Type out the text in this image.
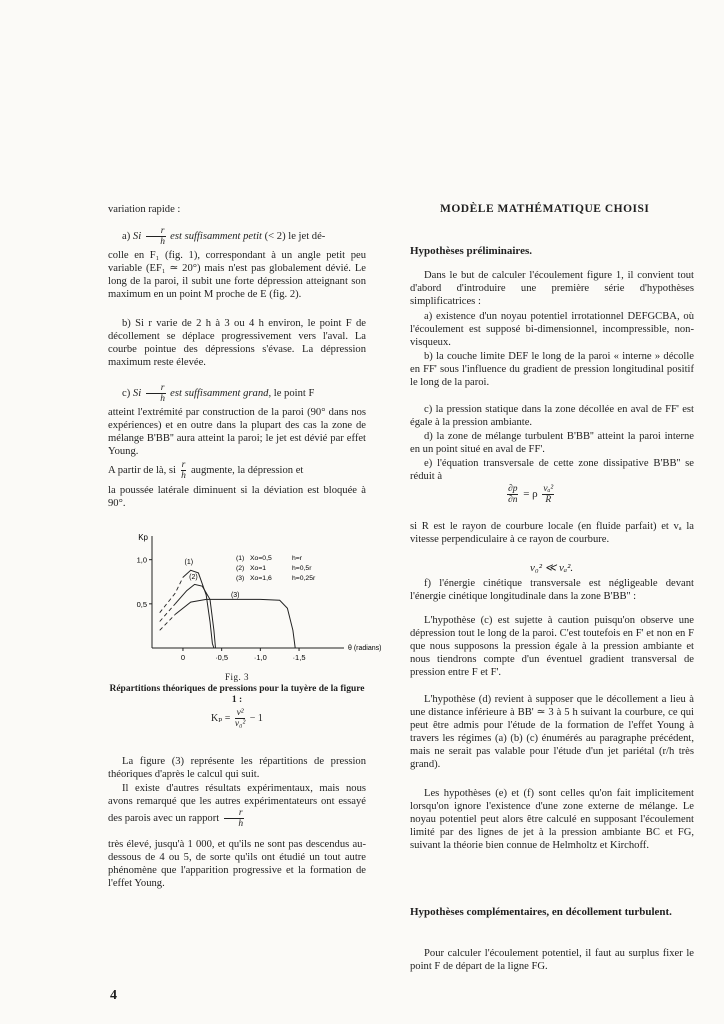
variation rapide :

a) Si $\frac{r}{h}$ est suffisamment petit (< 2) le jet dé-

colle en F₁ (fig. 1), correspondant à un angle petit peu variable (EF₁ ≃ 20°) mais n'est pas globalement dévié. Le long de la paroi, il subit une forte dépression atteignant son maximum en un point M proche de E (fig. 2).

b) Si r varie de 2 h à 3 ou 4 h environ, le point F de décollement se déplace progressivement vers l'aval. La courbe pointue des dépressions s'évase. La dépression maximum reste élevée.

c) Si $\frac{r}{h}$ est suffisamment grand, le point F

atteint l'extrémité par construction de la paroi (90° dans nos expériences) et en outre dans la plupart des cas la zone de mélange B'BB'' aura atteint la paroi; le jet est dévié par effet Young.

A partir de là, si $\frac{r}{h}$ augmente, la dépression et

la poussée latérale diminuent si la déviation est bloquée à 90°.

0,5
1,0
0	·0,5	·1,0	·1,5
Kp
θ (radians)
(1)
(2)
(3)
(1) Xo=0,5	h=r
(2) Xo=1	h=0,5r
(3) Xo=1,6	h=0,25r
Fig. 3
Répartitions théoriques de pressions pour la tuyère de la figure 1 :
$K_p = \frac{\text{v²}}{\text{v₀²}} - 1$

La figure (3) représente les répartitions de pression théoriques d'après le calcul qui suit.

Il existe d'autres résultats expérimentaux, mais nous avons remarqué que les autres expérimentateurs ont essayé des parois avec un rapport $\frac{r}{h}$

très élevé, jusqu'à 1 000, et qu'ils ne sont pas descendus au-dessous de 4 ou 5, de sorte qu'ils ont étudié un tout autre phénomène que l'apparition progressive et la formation de l'effet Young.

4
MODÈLE MATHÉMATIQUE CHOISI

Hypothèses préliminaires.

Dans le but de calculer l'écoulement figure 1, il convient tout d'abord d'introduire une première série d'hypothèses simplificatrices :

a) existence d'un noyau potentiel irrotationnel DEFGCBA, où l'écoulement est supposé bi-dimensionnel, incompressible, non-visqueux.

b) la couche limite DEF le long de la paroi « interne » décolle en FF' sous l'influence du gradient de pression longitudinal positif le long de la paroi.

c) la pression statique dans la zone décollée en aval de FF' est égale à la pression ambiante.

d) la zone de mélange turbulent B'BB'' atteint la paroi interne en un point situé en aval de FF'.

e) l'équation transversale de cette zone dissipative B'BB'' se réduit à

$\frac{\partial p}{\partial n} = \rho \frac{\text{vₐ²}}{R}$

si R est le rayon de courbure locale (en fluide parfait) et vₐ la vitesse perpendiculaire à ce rayon de courbure.

v₀² ≪ vₐ².

f) l'énergie cinétique transversale est négligeable devant l'énergie cinétique longitudinale dans la zone B'BB'' :

L'hypothèse (c) est sujette à caution puisqu'on observe une dépression tout le long de la paroi. C'est toutefois en F' et non en F que nous supposons la pression égale à la pression ambiante et nous tiendrons compte d'un éventuel gradient transversal de pression entre F et F'.

L'hypothèse (d) revient à supposer que le décollement a lieu à une distance inférieure à BB' ≃ 3 à 5 h suivant la courbure, ce qui peut être admis pour l'étude de la formation de l'effet Young à travers les régimes (a) (b) (c) énumérés au paragraphe précédent, mais ne serait pas valable pour l'étude d'un jet pariétal (r/h très grand).

Les hypothèses (e) et (f) sont celles qu'on fait implicitement lorsqu'on ignore l'existence d'une zone externe de mélange. Le noyau potentiel peut alors être calculé en supposant l'écoulement limité par des lignes de jet à la pression ambiante BC et FG, suivant la théorie bien connue de Helmholtz et Kirchoff.

Hypothèses complémentaires, en décollement turbulent.

Pour calculer l'écoulement potentiel, il faut au surplus fixer le point F de départ de la ligne FG.
